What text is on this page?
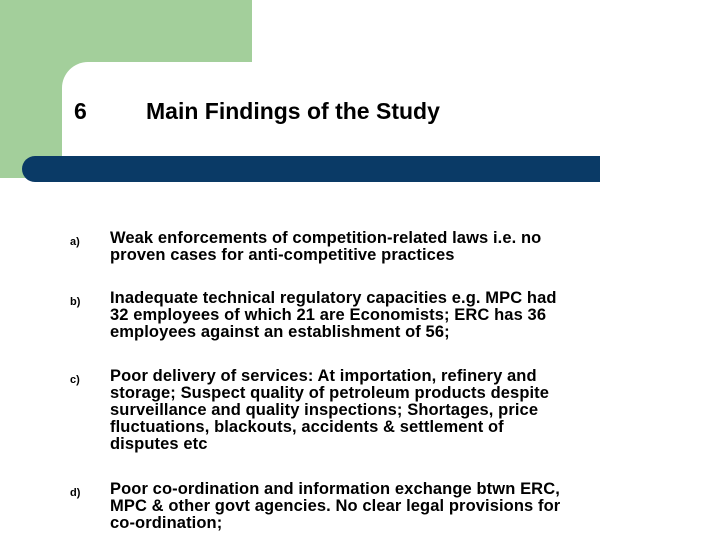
6	Main Findings of the Study
a) Weak enforcements of competition-related laws i.e. no
proven cases for anti-competitive practices
b) Inadequate technical regulatory capacities e.g. MPC had
32 employees of which 21 are Economists; ERC has 36
employees against an establishment of 56;
c) Poor delivery of services: At importation, refinery and
storage; Suspect quality of petroleum products despite
surveillance and quality inspections; Shortages, price
fluctuations, blackouts, accidents & settlement of
disputes etc
d) Poor co-ordination and information exchange btwn ERC,
MPC & other govt agencies. No clear legal provisions for
co-ordination;
